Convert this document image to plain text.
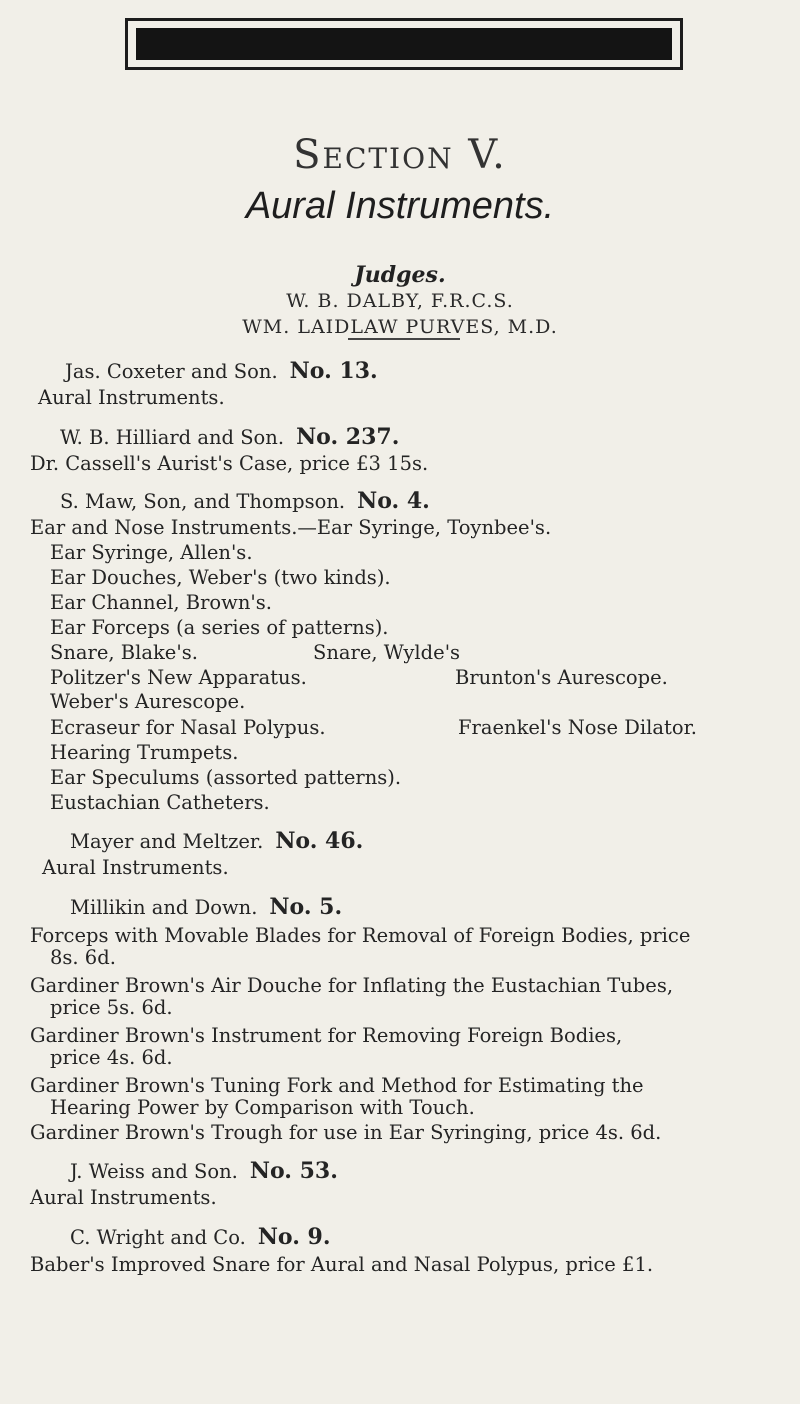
Section V.
Aural Instruments.
Judges.
W. B. DALBY, F.R.C.S.
WM. LAIDLAW PURVES, M.D.
Jas. Coxeter and Son. No. 13.
Aural Instruments.
W. B. Hilliard and Son. No. 237.
Dr. Cassell's Aurist's Case, price £3 15s.
S. Maw, Son, and Thompson. No. 4.
Ear and Nose Instruments.—Ear Syringe, Toynbee's.
Ear Syringe, Allen's.
Ear Douches, Weber's (two kinds).
Ear Channel, Brown's.
Ear Forceps (a series of patterns).
Snare, Blake's.	Snare, Wylde's
Politzer's New Apparatus.	Brunton's Aurescope.
Weber's Aurescope.
Ecraseur for Nasal Polypus.	Fraenkel's Nose Dilator.
Hearing Trumpets.
Ear Speculums (assorted patterns).
Eustachian Catheters.
Mayer and Meltzer. No. 46.
Aural Instruments.
Millikin and Down. No. 5.
Forceps with Movable Blades for Removal of Foreign Bodies, price
8s. 6d.
Gardiner Brown's Air Douche for Inflating the Eustachian Tubes,
price 5s. 6d.
Gardiner Brown's Instrument for Removing Foreign Bodies,
price 4s. 6d.
Gardiner Brown's Tuning Fork and Method for Estimating the
Hearing Power by Comparison with Touch.
Gardiner Brown's Trough for use in Ear Syringing, price 4s. 6d.
J. Weiss and Son. No. 53.
Aural Instruments.
C. Wright and Co. No. 9.
Baber's Improved Snare for Aural and Nasal Polypus, price £1.
